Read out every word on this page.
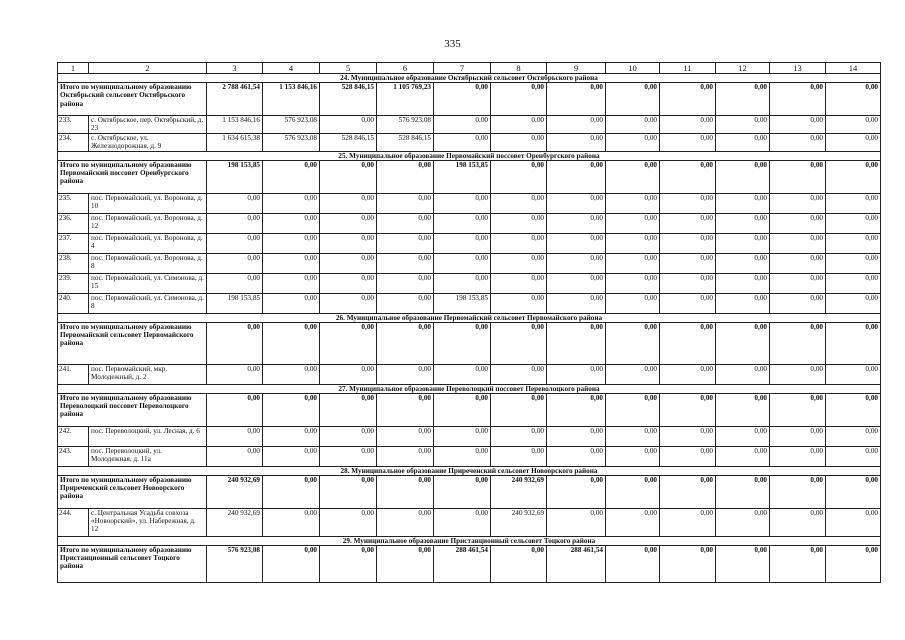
335
1	2	3	4	5	6	7	8	9	10	11	12	13	14
24. Муниципальное образование Октябрьский сельсовет Октябрьского района													
Итого по муниципальному образованию Октябрьский сельсовет Октябрьского района		2 788 461,54	1 153 846,16	528 846,15	1 105 769,23	0,00	0,00	0,00	0,00	0,00	0,00	0,00	0,00
233.	с. Октябрьское, пер. Октябрьский, д. 23	1 153 846,16	576 923,08	0,00	576 923,08	0,00	0,00	0,00	0,00	0,00	0,00	0,00	0,00
234.	с. Октябрьское, ул. Железнодорожная, д. 9	1 634 615,38	576 923,08	528 846,15	528 846,15	0,00	0,00	0,00	0,00	0,00	0,00	0,00	0,00
25. Муниципальное образование Первомайский поссовет Оренбургского района													
Итого по муниципальному образованию Первомайский поссовет Оренбургского района		198 153,85	0,00	0,00	0,00	198 153,85	0,00	0,00	0,00	0,00	0,00	0,00	0,00
235.	пос. Первомайский, ул. Воронова, д. 10	0,00	0,00	0,00	0,00	0,00	0,00	0,00	0,00	0,00	0,00	0,00	0,00
236.	пос. Первомайский, ул. Воронова, д. 12	0,00	0,00	0,00	0,00	0,00	0,00	0,00	0,00	0,00	0,00	0,00	0,00
237.	пос. Первомайский, ул. Воронова, д. 4	0,00	0,00	0,00	0,00	0,00	0,00	0,00	0,00	0,00	0,00	0,00	0,00
238.	пос. Первомайский, ул. Воронова, д. 8	0,00	0,00	0,00	0,00	0,00	0,00	0,00	0,00	0,00	0,00	0,00	0,00
239.	пос. Первомайский, ул. Симонова, д. 15	0,00	0,00	0,00	0,00	0,00	0,00	0,00	0,00	0,00	0,00	0,00	0,00
240.	пос. Первомайский, ул. Симонова, д. 8	198 153,85	0,00	0,00	0,00	198 153,85	0,00	0,00	0,00	0,00	0,00	0,00	0,00
26. Муниципальное образование Первомайский сельсовет Первомайского района													
Итого по муниципальному образованию Первомайский сельсовет Первомайского района		0,00	0,00	0,00	0,00	0,00	0,00	0,00	0,00	0,00	0,00	0,00	0,00
241.	пос. Первомайский, мкр. Молодежный, д. 2	0,00	0,00	0,00	0,00	0,00	0,00	0,00	0,00	0,00	0,00	0,00	0,00
27. Муниципальное образование Переволоцкий поссовет Переволоцкого района													
Итого по муниципальному образованию Переволоцкий поссовет Переволоцкого района		0,00	0,00	0,00	0,00	0,00	0,00	0,00	0,00	0,00	0,00	0,00	0,00
242.	пос. Переволоцкий, ул. Лесная, д. 6	0,00	0,00	0,00	0,00	0,00	0,00	0,00	0,00	0,00	0,00	0,00	0,00
243.	пос. Переволоцкий, ул. Молодежная, д. 11а	0,00	0,00	0,00	0,00	0,00	0,00	0,00	0,00	0,00	0,00	0,00	0,00
28. Муниципальное образование Приреченский сельсовет Новоорского района													
Итого по муниципальному образованию Приреченский сельсовет Новоорского района		240 932,69	0,00	0,00	0,00	0,00	240 932,69	0,00	0,00	0,00	0,00	0,00	0,00
244.	с. Центральная Усадьба совхоза «Новоорский», ул. Набережная, д. 12	240 932,69	0,00	0,00	0,00	0,00	240 932,69	0,00	0,00	0,00	0,00	0,00	0,00
29. Муниципальное образование Пристанционный сельсовет Тоцкого района													
Итого по муниципальному образованию Пристанционный сельсовет Тоцкого района		576 923,08	0,00	0,00	0,00	288 461,54	0,00	288 461,54	0,00	0,00	0,00	0,00	0,00
